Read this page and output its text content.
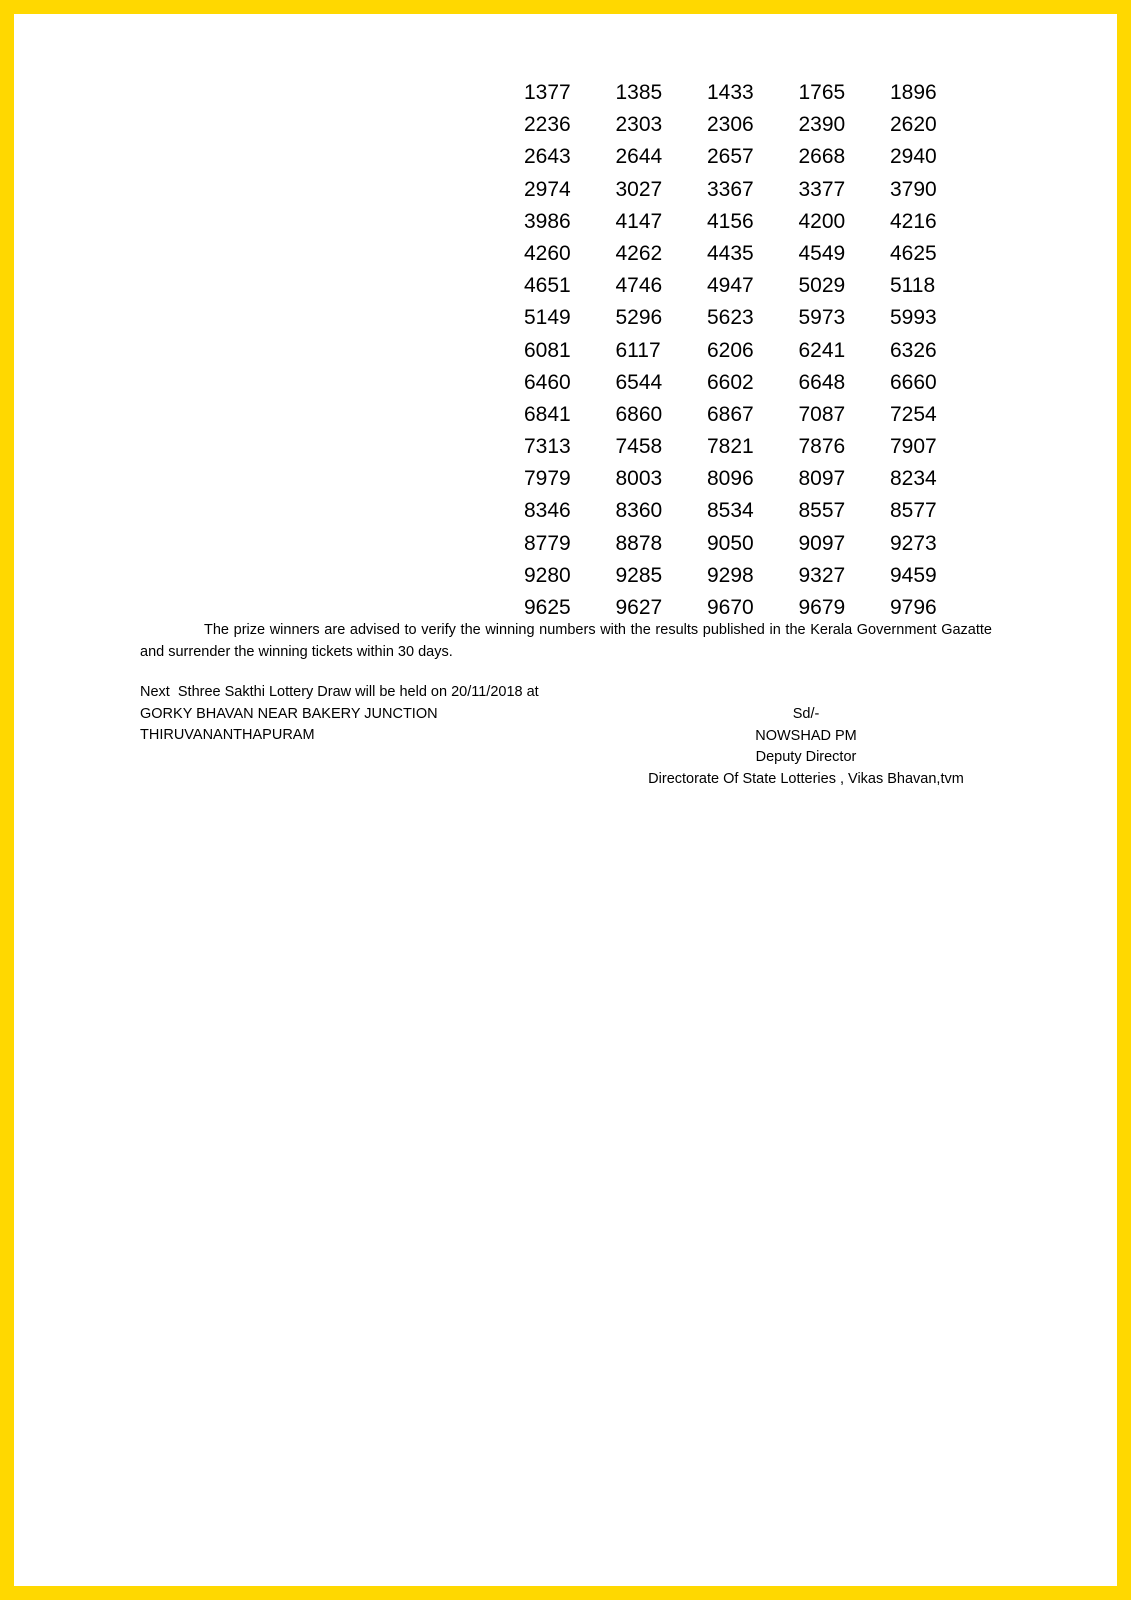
1377	1385	1433	1765	1896
2236	2303	2306	2390	2620
2643	2644	2657	2668	2940
2974	3027	3367	3377	3790
3986	4147	4156	4200	4216
4260	4262	4435	4549	4625
4651	4746	4947	5029	5118
5149	5296	5623	5973	5993
6081	6117	6206	6241	6326
6460	6544	6602	6648	6660
6841	6860	6867	7087	7254
7313	7458	7821	7876	7907
7979	8003	8096	8097	8234
8346	8360	8534	8557	8577
8779	8878	9050	9097	9273
9280	9285	9298	9327	9459
9625	9627	9670	9679	9796
The prize winners are advised to verify the winning numbers with the results published in the Kerala Government Gazatte and surrender the winning tickets within 30 days.
Next  Sthree Sakthi Lottery Draw will be held on 20/11/2018 at
GORKY BHAVAN NEAR BAKERY JUNCTION
THIRUVANANTHAPURAM
Sd/-
NOWSHAD PM
Deputy Director
Directorate Of State Lotteries , Vikas Bhavan,tvm
